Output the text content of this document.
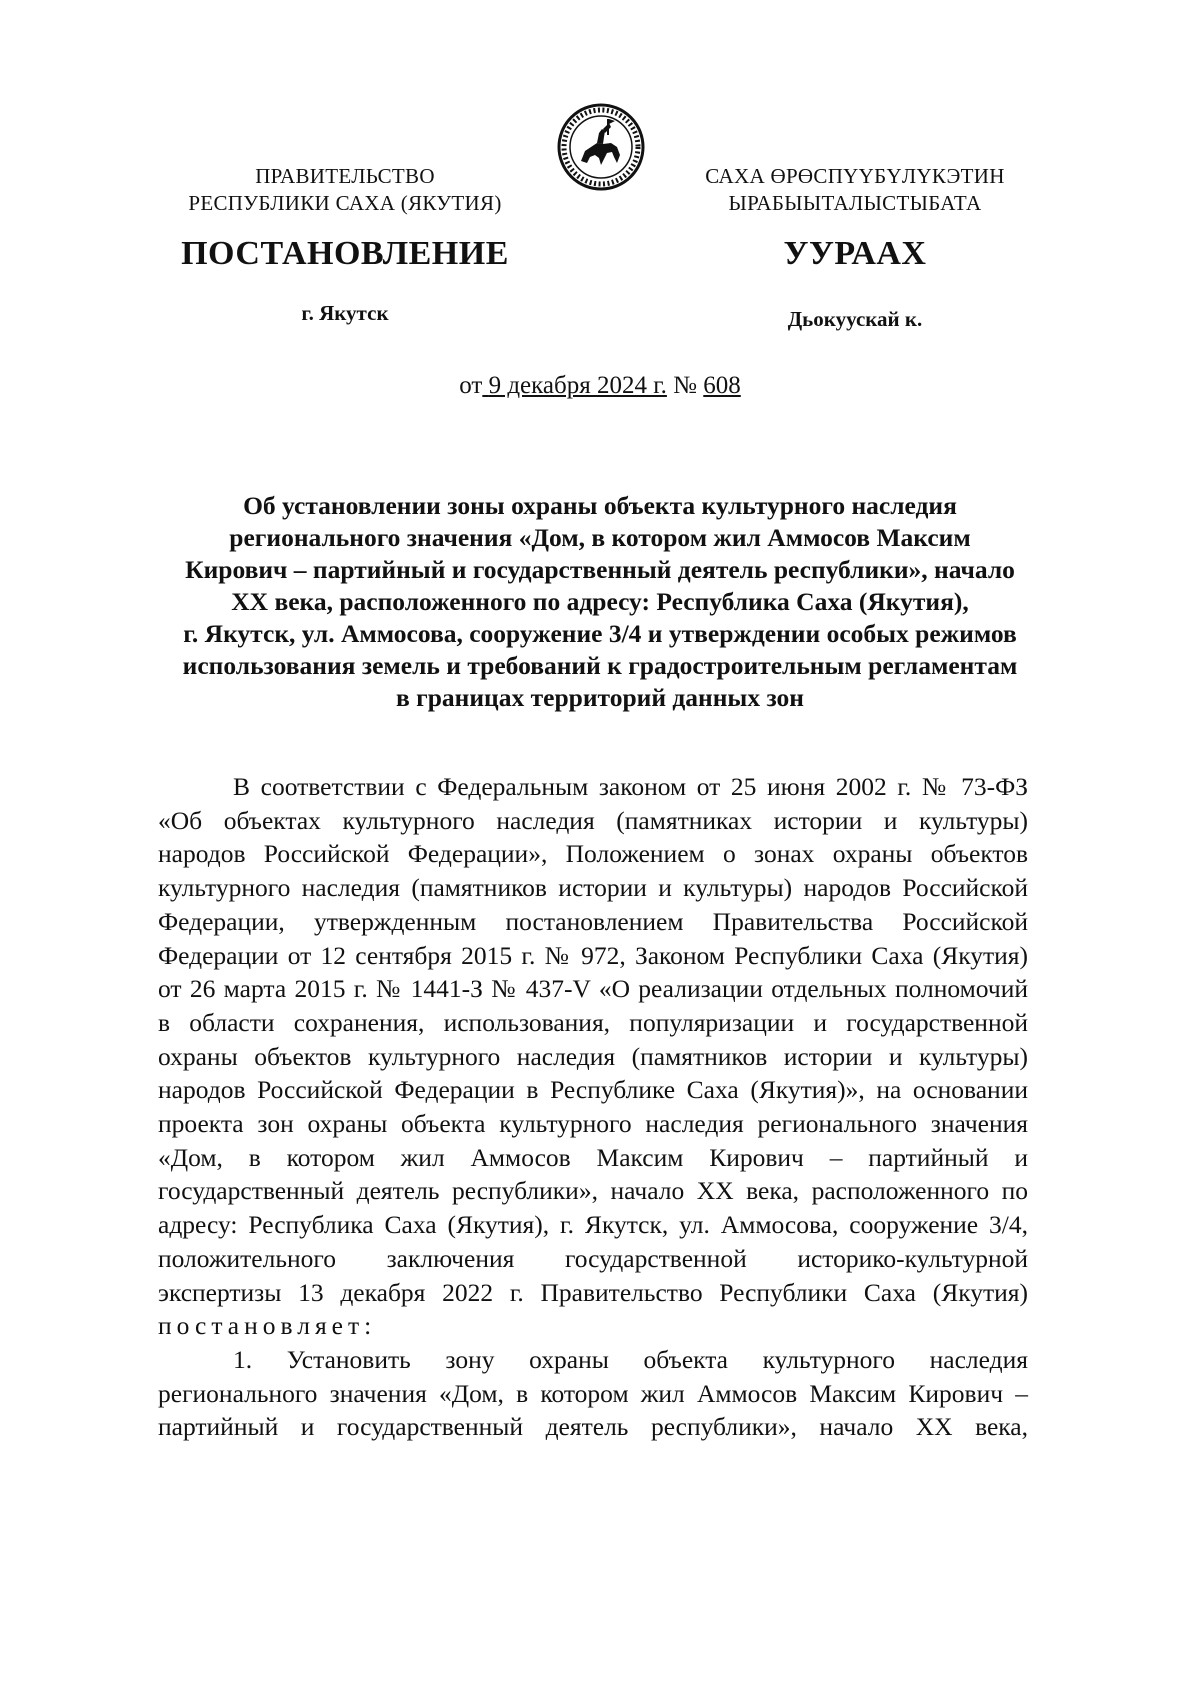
ПРАВИТЕЛЬСТВО
РЕСПУБЛИКИ САХА (ЯКУТИЯ)
САХА ӨРӨСПҮҮБҮЛҮКЭТИН
ЫРАБЫЫТАЛЫСТЫБАТА
ПОСТАНОВЛЕНИЕ	УУРААХ
г. Якутск	Дьокуускай к.
от 9 декабря 2024 г. № 608
Об установлении зоны охраны объекта культурного наследия
регионального значения «Дом, в котором жил Аммосов Максим
Кирович – партийный и государственный деятель республики», начало
XX века, расположенного по адресу: Республика Саха (Якутия),
г. Якутск, ул. Аммосова, сооружение 3/4 и утверждении особых режимов
использования земель и требований к градостроительным регламентам
в границах территорий данных зон
В соответствии с Федеральным законом от 25 июня 2002 г. № 73-ФЗ
«Об объектах культурного наследия (памятниках истории и культуры)
народов Российской Федерации», Положением о зонах охраны объектов
культурного наследия (памятников истории и культуры) народов Российской
Федерации, утвержденным постановлением Правительства Российской
Федерации от 12 сентября 2015 г. № 972, Законом Республики Саха (Якутия)
от 26 марта 2015 г. № 1441-З № 437-V «О реализации отдельных полномочий
в области сохранения, использования, популяризации и государственной
охраны объектов культурного наследия (памятников истории и культуры)
народов Российской Федерации в Республике Саха (Якутия)», на основании
проекта зон охраны объекта культурного наследия регионального значения
«Дом, в котором жил Аммосов Максим Кирович – партийный и
государственный деятель республики», начало XX века, расположенного по
адресу: Республика Саха (Якутия), г. Якутск, ул. Аммосова, сооружение 3/4,
положительного заключения государственной историко-культурной
экспертизы 13 декабря 2022 г. Правительство Республики Саха (Якутия)
постановляет:
1. Установить зону охраны объекта культурного наследия
регионального значения «Дом, в котором жил Аммосов Максим Кирович –
партийный и государственный деятель республики», начало XX века,
